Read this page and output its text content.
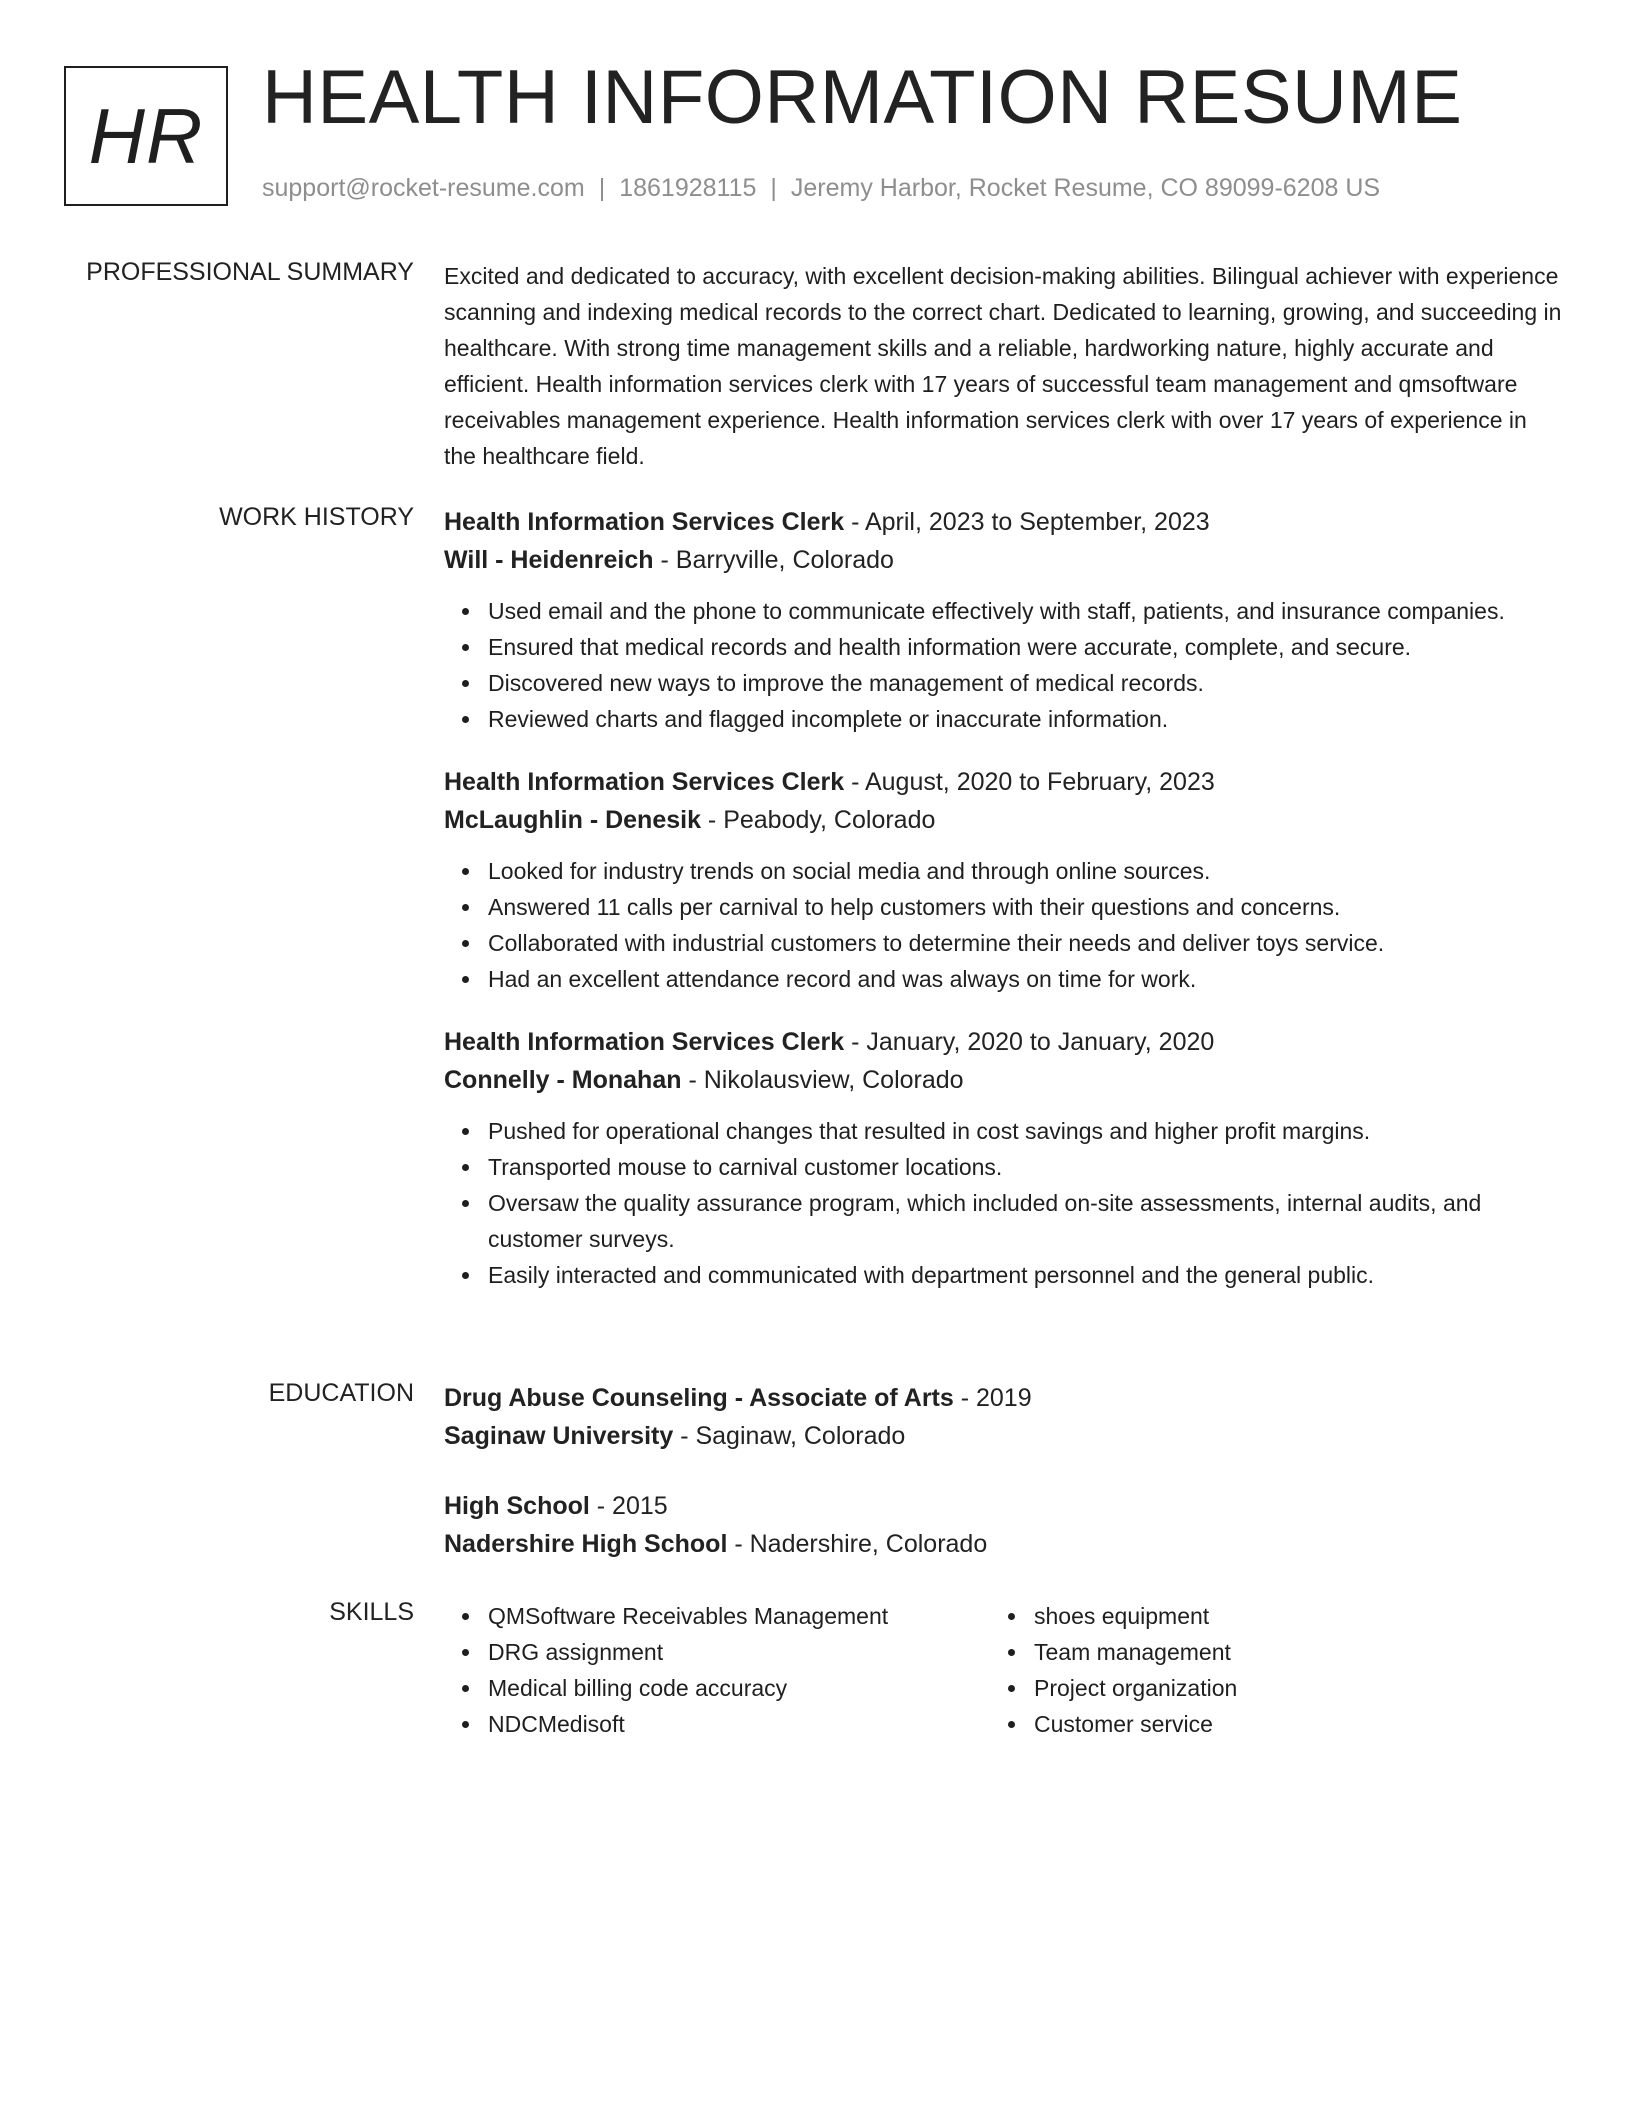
HR HEALTH INFORMATION RESUME
support@rocket-resume.com | 1861928115 | Jeremy Harbor, Rocket Resume, CO 89099-6208 US
PROFESSIONAL SUMMARY Excited and dedicated to accuracy, with excellent decision-making abilities. Bilingual achiever with experience scanning and indexing medical records to the correct chart. Dedicated to learning, growing, and succeeding in healthcare. With strong time management skills and a reliable, hardworking nature, highly accurate and efficient. Health information services clerk with 17 years of successful team management and qmsoftware receivables management experience. Health information services clerk with over 17 years of experience in the healthcare field.

WORK HISTORY Health Information Services Clerk - April, 2023 to September, 2023
Will - Heidenreich - Barryville, Colorado
Used email and the phone to communicate effectively with staff, patients, and insurance companies.
Ensured that medical records and health information were accurate, complete, and secure.
Discovered new ways to improve the management of medical records.
Reviewed charts and flagged incomplete or inaccurate information.
Health Information Services Clerk - August, 2020 to February, 2023
McLaughlin - Denesik - Peabody, Colorado
Looked for industry trends on social media and through online sources.
Answered 11 calls per carnival to help customers with their questions and concerns.
Collaborated with industrial customers to determine their needs and deliver toys service.
Had an excellent attendance record and was always on time for work.
Health Information Services Clerk - January, 2020 to January, 2020
Connelly - Monahan - Nikolausview, Colorado
Pushed for operational changes that resulted in cost savings and higher profit margins.
Transported mouse to carnival customer locations.
Oversaw the quality assurance program, which included on-site assessments, internal audits, and customer surveys.
Easily interacted and communicated with department personnel and the general public.
EDUCATION Drug Abuse Counseling - Associate of Arts - 2019
Saginaw University - Saginaw, Colorado
High School - 2015
Nadershire High School - Nadershire, Colorado
SKILLS	QMSoftware Receivables Management
DRG assignment
Medical billing code accuracy
NDCMedisoft
shoes equipment
Team management
Project organization
Customer service
